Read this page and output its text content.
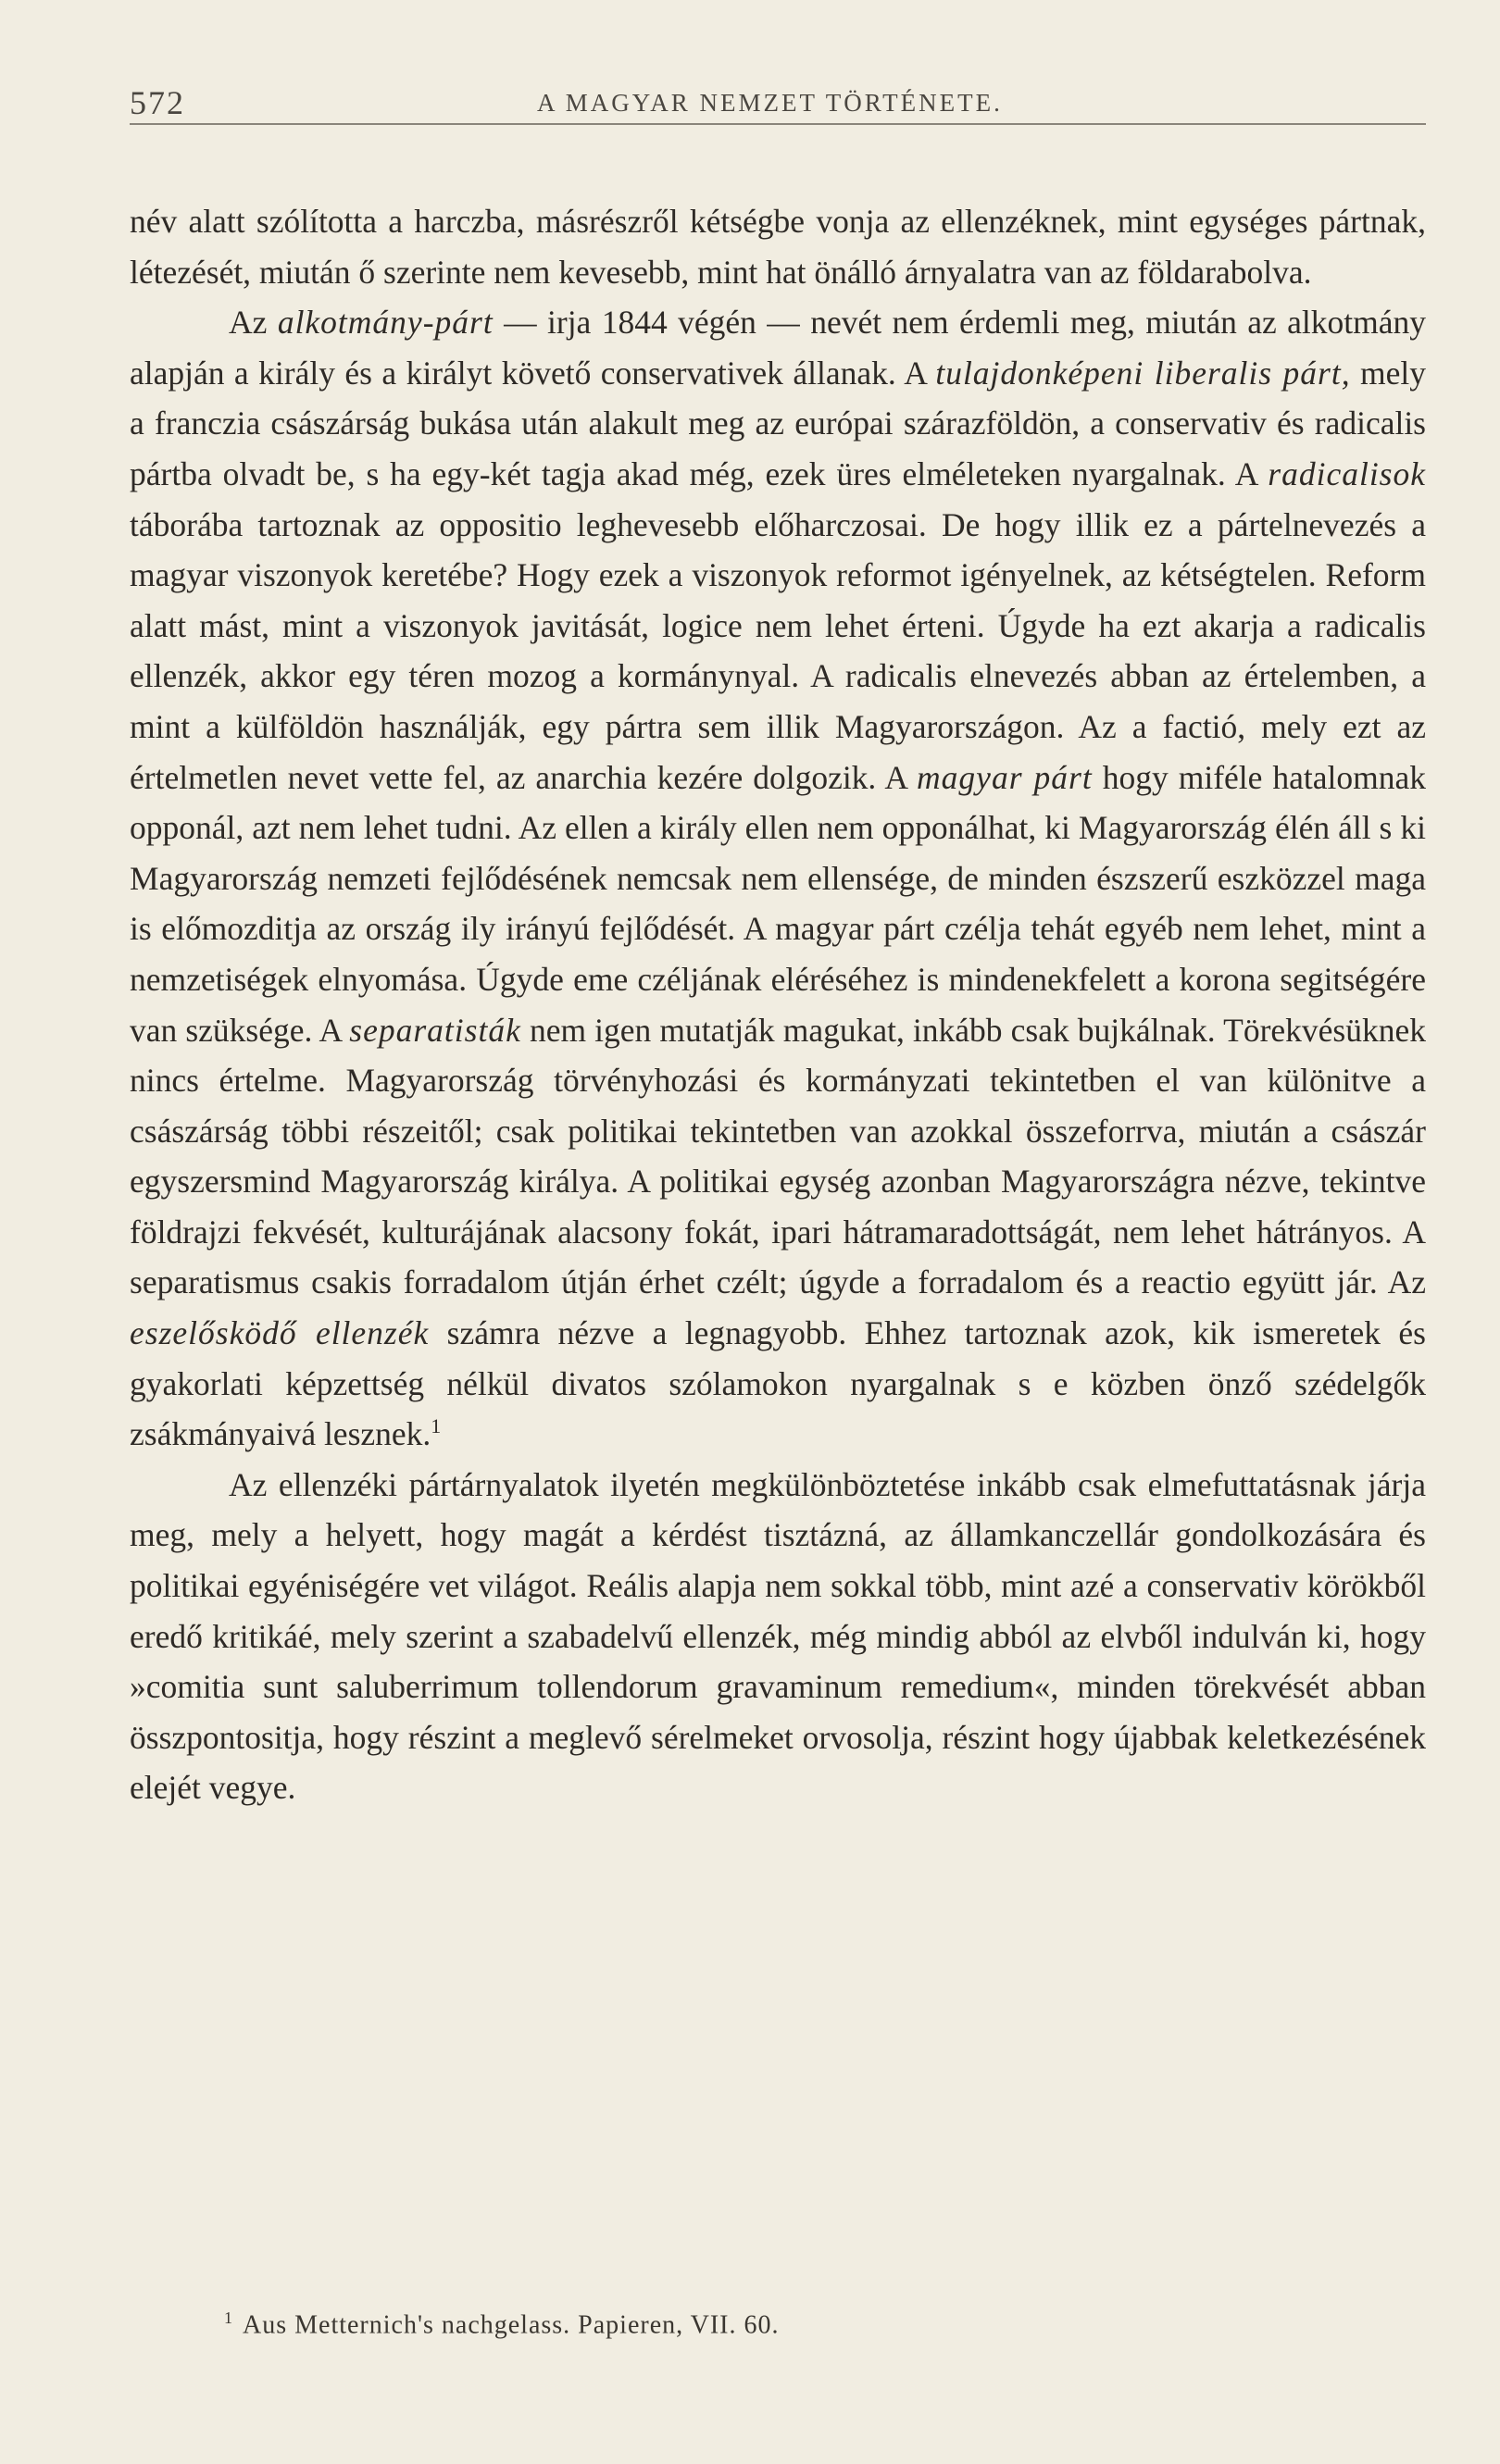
572	A MAGYAR NEMZET TÖRTÉNETE.

név alatt szólította a harczba, másrészről kétségbe vonja az ellenzéknek, mint egységes pártnak, létezését, miután ő szerinte nem kevesebb, mint hat önálló árnyalatra van az földarabolva.

Az alkotmány-párt — irja 1844 végén — nevét nem érdemli meg, miután az alkotmány alapján a király és a királyt követő conservativek állanak. A tulajdonképeni liberalis párt, mely a franczia császárság bukása után alakult meg az európai szárazföldön, a conservativ és radicalis pártba olvadt be, s ha egy-két tagja akad még, ezek üres elméleteken nyargalnak. A radicalisok táborába tartoznak az oppositio leghevesebb előharczosai. De hogy illik ez a pártelnevezés a magyar viszonyok keretébe? Hogy ezek a viszonyok reformot igényelnek, az kétségtelen. Reform alatt mást, mint a viszonyok javitását, logice nem lehet érteni. Úgyde ha ezt akarja a radicalis ellenzék, akkor egy téren mozog a kormánynyal. A radicalis elnevezés abban az értelemben, a mint a külföldön használják, egy pártra sem illik Magyarországon. Az a factió, mely ezt az értelmetlen nevet vette fel, az anarchia kezére dolgozik. A magyar párt hogy miféle hatalomnak opponál, azt nem lehet tudni. Az ellen a király ellen nem opponálhat, ki Magyarország élén áll s ki Magyarország nemzeti fejlődésének nemcsak nem ellensége, de minden észszerű eszközzel maga is előmozditja az ország ily irányú fejlődését. A magyar párt czélja tehát egyéb nem lehet, mint a nemzetiségek elnyomása. Úgyde eme czéljának eléréséhez is mindenekfelett a korona segitségére van szüksége. A separatisták nem igen mutatják magukat, inkább csak bujkálnak. Törekvésüknek nincs értelme. Magyarország törvényhozási és kormányzati tekintetben el van különitve a császárság többi részeitől; csak politikai tekintetben van azokkal összeforrva, miután a császár egyszersmind Magyarország királya. A politikai egység azonban Magyarországra nézve, tekintve földrajzi fekvését, kulturájának alacsony fokát, ipari hátramaradottságát, nem lehet hátrányos. A separatismus csakis forradalom útján érhet czélt; úgyde a forradalom és a reactio együtt jár. Az eszelősködő ellenzék számra nézve a legnagyobb. Ehhez tartoznak azok, kik ismeretek és gyakorlati képzettség nélkül divatos szólamokon nyargalnak s e közben önző szédelgők zsákmányaivá lesznek.$^1$

Az ellenzéki pártárnyalatok ilyetén megkülönböztetése inkább csak elmefuttatásnak járja meg, mely a helyett, hogy magát a kérdést tisztázná, az államkanczellár gondolkozására és politikai egyéniségére vet világot. Reális alapja nem sokkal több, mint azé a conservativ körökből eredő kritikáé, mely szerint a szabadelvű ellenzék, még mindig abból az elvből indulván ki, hogy »comitia sunt saluberrimum tollendorum gravaminum remedium«, minden törekvését abban összpontositja, hogy részint a meglevő sérelmeket orvosolja, részint hogy újabbak keletkezésének elejét vegye.

$^1$ Aus Metternich's nachgelass. Papieren, VII. 60.
